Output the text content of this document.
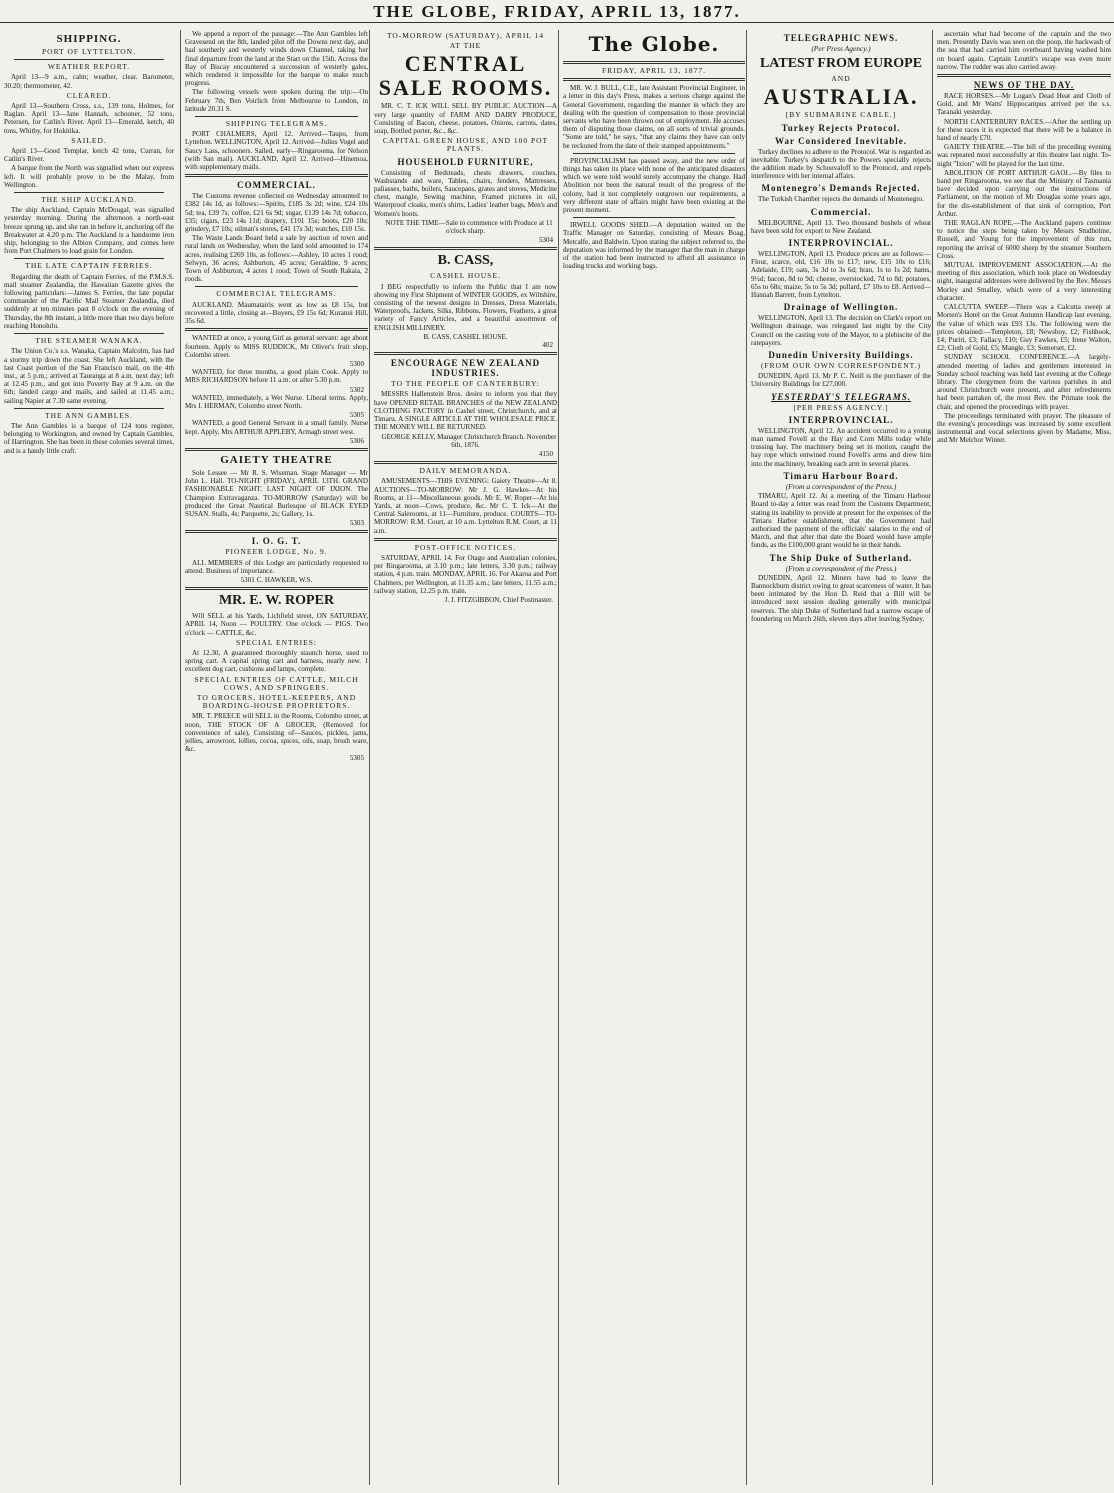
THE GLOBE, FRIDAY, APRIL 13, 1877.
SHIPPING.
PORT OF LYTTELTON.
WEATHER REPORT.

April 13—9 a.m., calm; weather, clear. Barometer, 30.20; thermometer, 42.

CLEARED.

April 13—Southern Cross, s.s., 139 tons, Holmes, for Raglan. April 13—Jane Hannah, schooner, 52 tons, Petersen, for Catlin's River. April 13—Emerald, ketch, 40 tons, Whitby, for Hokitika.

SAILED.

April 13—Good Templar, ketch 42 tons, Curran, for Catlin's River.

A barque from the North was signalled when our express left. It will probably prove to be the Malay, from Wellington.

THE SHIP AUCKLAND.

The ship Auckland, Captain McDougal, was signalled yesterday morning. During the afternoon a north-east breeze sprung up, and she ran in before it, anchoring off the Breakwater at 4.20 p.m. The Auckland is a handsome iron ship, belonging to the Albion Company, and comes here from Port Chalmers to load grain for London.

THE LATE CAPTAIN FERRIES.

Regarding the death of Captain Ferries, of the P.M.S.S. mail steamer Zealandia, the Hawaiian Gazette gives the following particulars:—James S. Ferries, the late popular commander of the Pacific Mail Steamer Zealandia, died suddenly at ten minutes past 8 o'clock on the evening of Thursday, the 8th instant, a little more than two days before reaching Honolulu.

THE STEAMER WANAKA.

The Union Co.'s s.s. Wanaka, Captain Malcolm, has had a stormy trip down the coast. She left Auckland, with the last Coast portion of the San Francisco mail, on the 4th inst., at 5 p.m.; arrived at Tauranga at 8 a.m. next day; left at 12.45 p.m., and got into Poverty Bay at 9 a.m. on the 6th; landed cargo and mails, and sailed at 11.45 a.m.; sailing Napier at 7.30 same evening.

THE ANN GAMBLES.

The Ann Gambles is a barque of 124 tons register, belonging to Workington, and owned by Captain Gambles, of Harrington. She has been in these colonies several times, and is a handy little craft.

We append a report of the passage:—The Ann Gambles left Gravesend on the 8th, landed pilot off the Downs next day, and had southerly and westerly winds down Channel, taking her final departure from the land at the Start on the 15th. Across the Bay of Biscay encountered a succession of westerly gales, which rendered it impossible for the barque to make much progress.

The following vessels were spoken during the trip:—On February 7th, Ben Voirlich from Melbourne to London, in latitude 20.31 S.

SHIPPING TELEGRAMS.

PORT CHALMERS, April 12. Arrived—Taupo, from Lyttelton. WELLINGTON, April 12. Arrived—Julius Vogel and Saucy Lass, schooners. Sailed, early—Ringarooma, for Nelson (with San mail). AUCKLAND, April 12. Arrived—Hinemoa, with supplementary mails.

COMMERCIAL.

The Customs revenue collected on Wednesday amounted to £382 14s 1d, as follows:—Spirits, £185 3s 2d; wine, £24 10s 5d; tea, £39 7s; coffee, £21 6s 9d; sugar, £139 14s 7d; tobacco, £35; cigars, £23 14s 11d; drapery, £101 15s; boots, £20 10s; grindery, £7 10s; oilman's stores, £41 17s 3d; watches, £10 15s.

The Waste Lands Board held a sale by auction of town and rural lands on Wednesday, when the land sold amounted to 174 acres, realising £269 10s, as follows:—Ashley, 10 acres 1 rood; Selwyn, 36 acres; Ashburton, 45 acres; Geraldine, 9 acres; Town of Ashburton, 4 acres 1 rood; Town of South Rakaia, 2 roods.

COMMERCIAL TELEGRAMS.

AUCKLAND. Maumatairis went as low as £8 15s, but recovered a little, closing at—Buyers, £9 15s 6d; Kuranui Hill, 35s 6d.

WANTED at once, a young Girl as general servant: age about fourteen. Apply to MISS RUDDICK, Mr Oliver's fruit shop, Colombo street.

5300

WANTED, for three months, a good plain Cook. Apply to MRS RICHARDSON before 11 a.m. or after 5.30 p.m.

5302

WANTED, immediately, a Wet Nurse. Liberal terms. Apply, Mrs I. HERMAN, Colombo street North.

5305

WANTED, a good General Servant in a small family. Nurse kept. Apply, Mrs ARTHUR APPLEBY, Armagh street west.

5306
GAIETY THEATRE

Sole Lessee — Mr R. S. Wiseman. Stage Manager — Mr John L. Hall. TO-NIGHT (FRIDAY), APRIL 13TH. GRAND FASHIONABLE NIGHT. LAST NIGHT OF IXION. The Champion Extravaganza. TO-MORROW (Saturday) will be produced the Great Nautical Burlesque of BLACK EYED SUSAN. Stalls, 4s; Parquette, 2s; Gallery, 1s.

5303
I. O. G. T.
PIONEER LODGE, No. 9.

ALL MEMBERS of this Lodge are particularly requested to attend. Business of importance.

5301 C. HAWKER, W.S.
MR. E. W. ROPER

Will SELL at his Yards, Lichfield street, ON SATURDAY, APRIL 14, Noon — POULTRY. One o'clock — PIGS. Two o'clock — CATTLE, &c.

SPECIAL ENTRIES:

At 12.30, A guaranteed thoroughly staunch horse, used to spring cart. A capital spring cart and harness, nearly new. 1 excellent dog cart, cushions and lamps, complete.

SPECIAL ENTRIES OF CATTLE, MILCH COWS, AND SPRINGERS.
TO GROCERS, HOTEL-KEEPERS, AND BOARDING-HOUSE PROPRIETORS.

MR. T. PREECE will SELL in the Rooms, Colombo street, at noon, THE STOCK OF A GROCER, (Removed for convenience of sale), Consisting of—Sauces, pickles, jams, jellies, arrowroot, lollies, cocoa, spices, oils, soap, brush ware, &c.

5305
TO-MORROW (SATURDAY), APRIL 14
AT THE
CENTRAL SALE ROOMS.

MR. C. T. ICK WILL SELL BY PUBLIC AUCTION—A very large quantity of FARM AND DAIRY PRODUCE, Consisting of Bacon, cheese, potatoes, Onions, carrots, dates, soap, Bottled porter, &c., &c.

CAPITAL GREEN HOUSE, AND 100 POT PLANTS.
HOUSEHOLD FURNITURE,

Consisting of Bedsteads, chests drawers, couches, Washstands and ware, Tables, chairs, fenders, Mattresses, paliasses, baths, boilers, Saucepans, grates and stoves, Medicine chest, mangle, Sewing machine, Framed pictures in oil, Waterproof cloaks, men's shirts, Ladies' leather bags, Men's and Women's boots.

NOTE THE TIME—Sale to commence with Produce at 11 o'clock sharp.

5304
B. CASS,
CASHEL HOUSE.

I BEG respectfully to inform the Public that I am now showing my First Shipment of WINTER GOODS, ex Wiltshire, consisting of the newest designs in Dresses, Dress Materials, Waterproofs, Jackets, Silks, Ribbons, Flowers, Feathers, a great variety of Fancy Articles, and a beautiful assortment of ENGLISH MILLINERY.

B. CASS, CASHEL HOUSE.
402
ENCOURAGE NEW ZEALAND INDUSTRIES.
TO THE PEOPLE OF CANTERBURY:

MESSRS Hallenstein Bros. desire to inform you that they have OPENED RETAIL BRANCHES of the NEW ZEALAND CLOTHING FACTORY in Cashel street, Christchurch, and at Timaru. A SINGLE ARTICLE AT THE WHOLESALE PRICE. THE MONEY WILL BE RETURNED.

GEORGE KELLY, Manager Christchurch Branch. November 6th, 1876.

4150
DAILY MEMORANDA.

AMUSEMENTS—THIS EVENING: Gaiety Theatre—At 8. AUCTIONS—TO-MORROW: Mr J. G. Hawkes—At his Rooms, at 11—Miscellaneous goods. Mr E. W. Roper—At his Yards, at noon—Cows, produce, &c. Mr C. T. Ick—At the Central Salerooms, at 11—Furniture, produce. COURTS—TO-MORROW: R.M. Court, at 10 a.m. Lyttelton R.M. Court, at 11 a.m.

POST-OFFICE NOTICES.

SATURDAY, APRIL 14. For Otago and Australian colonies, per Ringarooma, at 3.10 p.m.; late letters, 3.30 p.m.; railway station, 4 p.m. train. MONDAY, APRIL 16. For Akaroa and Port Chalmers, per Wellington, at 11.35 a.m.; late letters, 11.55 a.m.; railway station, 12.25 p.m. train.

J. J. FITZGIBBON, Chief Postmaster.
The Globe.
FRIDAY, APRIL 13, 1877.

MR. W. J. BULL, C.E., late Assistant Provincial Engineer, in a letter in this day's Press, makes a serious charge against the General Government, regarding the manner in which they are dealing with the question of compensation to those provincial servants who have been thrown out of employment. He accuses them of disputing those claims, on all sorts of trivial grounds. "Some are told," he says, "that any claims they have can only be reckoned from the date of their stamped appointments."

PROVINCIALISM has passed away, and the new order of things has taken its place with none of the anticipated disasters which we were told would surely accompany the change. Had Abolition not been the natural result of the progress of the colony, had it not completely outgrown our requirements, a very different state of affairs might have been existing at the present moment.

IRWELL GOODS SHED.—A deputation waited on the Traffic Manager on Saturday, consisting of Messrs Boag, Metcalfe, and Baldwin. Upon stating the subject referred to, the deputation was informed by the manager that the man in charge of the station had been instructed to afford all assistance in loading trucks and working bags.

TELEGRAPHIC NEWS.
(Per Press Agency.)
LATEST FROM EUROPE
AND
AUSTRALIA.
[BY SUBMARINE CABLE.]
Turkey Rejects Protocol.
War Considered Inevitable.

Turkey declines to adhere to the Protocol. War is regarded as inevitable. Turkey's despatch to the Powers specially rejects the addition made by Schouvaloff to the Protocol, and repels interference with her internal affairs.

Montenegro's Demands Rejected.

The Turkish Chamber rejects the demands of Montenegro.

Commercial.

MELBOURNE, April 13. Two thousand bushels of wheat have been sold for export to New Zealand.

INTERPROVINCIAL.

WELLINGTON, April 13. Produce prices are as follows:—Flour, scarce, old, £16 10s to £17; new, £15 10s to £16; Adelaide, £19; oats, 3s 3d to 3s 6d; bran, 1s to 1s 2d; hams, 9½d; bacon, 8d to 9d; cheese, overstocked, 7d to 8d; potatoes, 65s to 68s; maize, 5s to 5s 3d; pollard, £7 10s to £8. Arrived—Hannah Barrett, from Lyttelton.

Drainage of Wellington.

WELLINGTON, April 13. The decision on Clark's report on Wellington drainage, was relegated last night by the City Council on the casting vote of the Mayor, to a plebiscite of the ratepayers.

Dunedin University Buildings.
(FROM OUR OWN CORRESPONDENT.)

DUNEDIN, April 13. Mr P. C. Neill is the purchaser of the University Buildings for £27,000.

YESTERDAY'S TELEGRAMS.
[PER PRESS AGENCY.]
INTERPROVINCIAL.

WELLINGTON, April 12. An accident occurred to a young man named Fovell at the Hay and Corn Mills today while trussing hay. The machinery being set in motion, caught the hay rope which entwined round Fovell's arms and drew him into the machinery, breaking each arm in several places.

Timaru Harbour Board.
(From a correspondent of the Press.)

TIMARU, April 12. At a meeting of the Timaru Harbour Board to-day a letter was read from the Customs Department, stating its inability to provide at present for the expenses of the Timaru Harbor establishment, that the Government had authorised the payment of the officials' salaries to the end of March, and that after that date the Board would have ample funds, as the £100,000 grant would be in their hands.

The Ship Duke of Sutherland.
(From a correspondent of the Press.)

DUNEDIN, April 12. Miners have had to leave the Bannockburn district owing to great scarceness of water. It has been intimated by the Hon D. Reid that a Bill will be introduced next session dealing generally with municipal reserves. The ship Duke of Sutherland had a narrow escape of foundering on March 26th, eleven days after leaving Sydney.

ascertain what had become of the captain and the two men. Presently Davis was seen on the poop, the backwash of the sea that had carried him overboard having washed him on board again. Captain Louttit's escape was even more narrow. The rudder was also carried away.

NEWS OF THE DAY.

RACE HORSES.—Mr Logan's Dead Heat and Cloth of Gold, and Mr Watts' Hippocampus arrived per the s.s. Taranaki yesterday.

NORTH CANTERBURY RACES.—After the settling up for these races it is expected that there will be a balance in hand of nearly £70.

GAIETY THEATRE.—The bill of the preceding evening was repeated most successfully at this theatre last night. To-night "Ixion" will be played for the last time.

ABOLITION OF PORT ARTHUR GAOL.—By files to hand per Ringarooma, we see that the Ministry of Tasmania have decided upon carrying out the instructions of Parliament, on the motion of Mr Douglas some years ago, for the dis-establishment of that sink of corruption, Port Arthur.

THE RAGLAN ROPE.—The Auckland papers continue to notice the steps being taken by Messrs Studholme, Russell, and Young for the improvement of this run, reporting the arrival of 6000 sheep by the steamer Southern Cross.

MUTUAL IMPROVEMENT ASSOCIATION.—At the meeting of this association, which took place on Wednesday night, inaugural addresses were delivered by the Rev. Messrs Morley and Smalley, which were of a very interesting character.

CALCUTTA SWEEP.—There was a Calcutta sweep at Morten's Hotel on the Great Autumn Handicap last evening, the value of which was £93 13s. The following were the prices obtained:—Templeton, £8; Newsboy, £2; Fishhook, £4; Puriri, £3; Fallacy, £10; Guy Fawkes, £5; Irene Walton, £2; Cloth of Gold, £5; Mangle, £3; Somerset, £2.

SUNDAY SCHOOL CONFERENCE.—A largely-attended meeting of ladies and gentlemen interested in Sunday school teaching was held last evening at the College library. The clergymen from the various parishes in and around Christchurch were present, and after refreshments had been partaken of, the most Rev. the Primate took the chair, and opened the proceedings with prayer.

The proceedings terminated with prayer. The pleasure of the evening's proceedings was increased by some excellent instrumental and vocal selections given by Madame, Miss, and Mr Melchor Winter.
